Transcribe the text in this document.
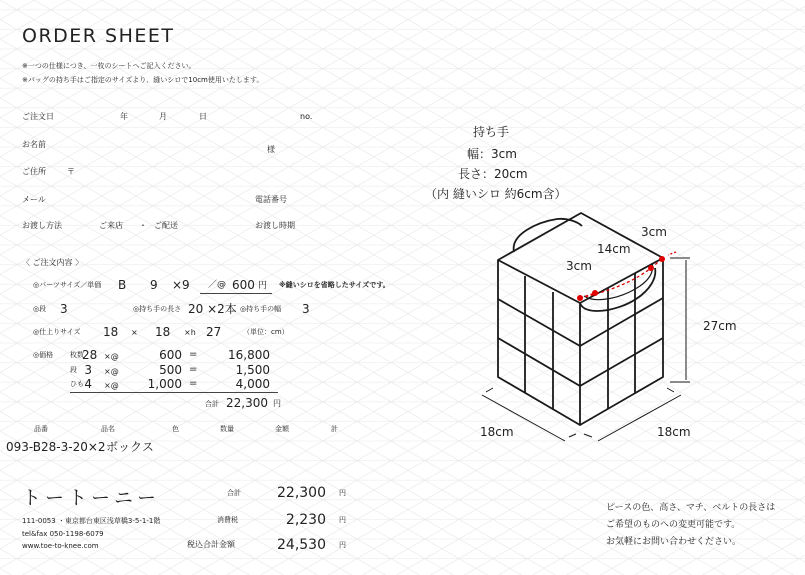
ORDER SHEET
※一つの仕様につき、一枚のシートへご記入ください。
※バッグの持ち手はご指定のサイズより、縫いシロで10cm使用いたします。
ご注文日	年	月	日	no.
お名前
様
ご住所	〒
メール	電話番号
お渡し方法	ご来店 ・ ご配送	お渡し時期
〈 ご注文内容 〉
◎パーツサイズ／単価 B 9 ×9 ／@ 600 円 ※縫いシロを省略したサイズです。
◎段 3	◎持ち手の長さ 20 ×2本 ◎持ち手の幅 3
◎仕上りサイズ 18 × 18 ×h 27	（単位：cm）
◎価格 枚数
28 ×@	600 =	16,800
段 3 ×@	500 =	1,500
ひも 4 ×@ 1,000 =	4,000
合計 22,300 円
品番	品名	色	数量	金額	計
093-B28-3-20×2 ボックス
トートーニー
111-0053 ・東京都台東区浅草橋3-5-1-1階
tel&fax 050-1198-6079
www.toe-to-knee.com
合計	22,300 円
消費税	2,230 円
税込合計金額	24,530 円
持ち手
幅：3cm
長さ：20cm
（内 縫いシロ 約6cm含）
3cm
14cm
3cm
27cm
18cm	18cm
ピースの色、高さ、マチ、ベルトの長さは
ご希望のものへの変更可能です。
お気軽にお問い合わせください。
